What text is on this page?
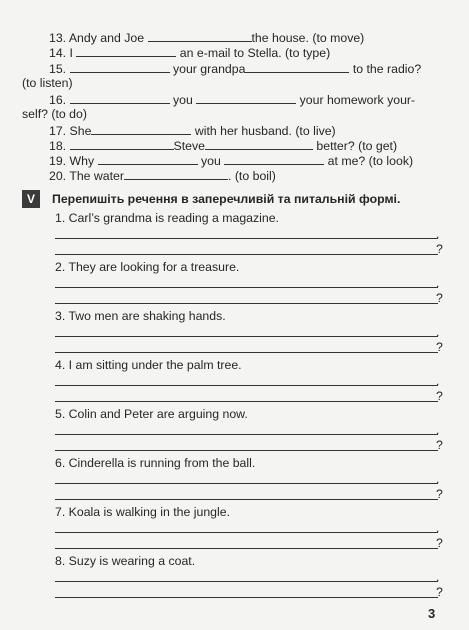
13. Andy and Joe	the house. (to move)
14. I	an e-mail to Stella. (to type)
15.	your grandpa	to the radio?
(to listen)
16.	you	your homework your-
self? (to do)
17. She	with her husband. (to live)
18.	Steve	better? (to get)
19. Why	you	at me? (to look)
20. The water	. (to boil)
V	Перепишіть речення в заперечливій та питальній формі.
1. Carl’s grandma is reading a magazine.
.
?
2. They are looking for a treasure.
.
?
3. Two men are shaking hands.
.
?
4. I am sitting under the palm tree.
.
?
5. Colin and Peter are arguing now.
.
?
6. Cinderella is running from the ball.
.
?
7. Koala is walking in the jungle.
.
?
8. Suzy is wearing a coat.
.
?
3
